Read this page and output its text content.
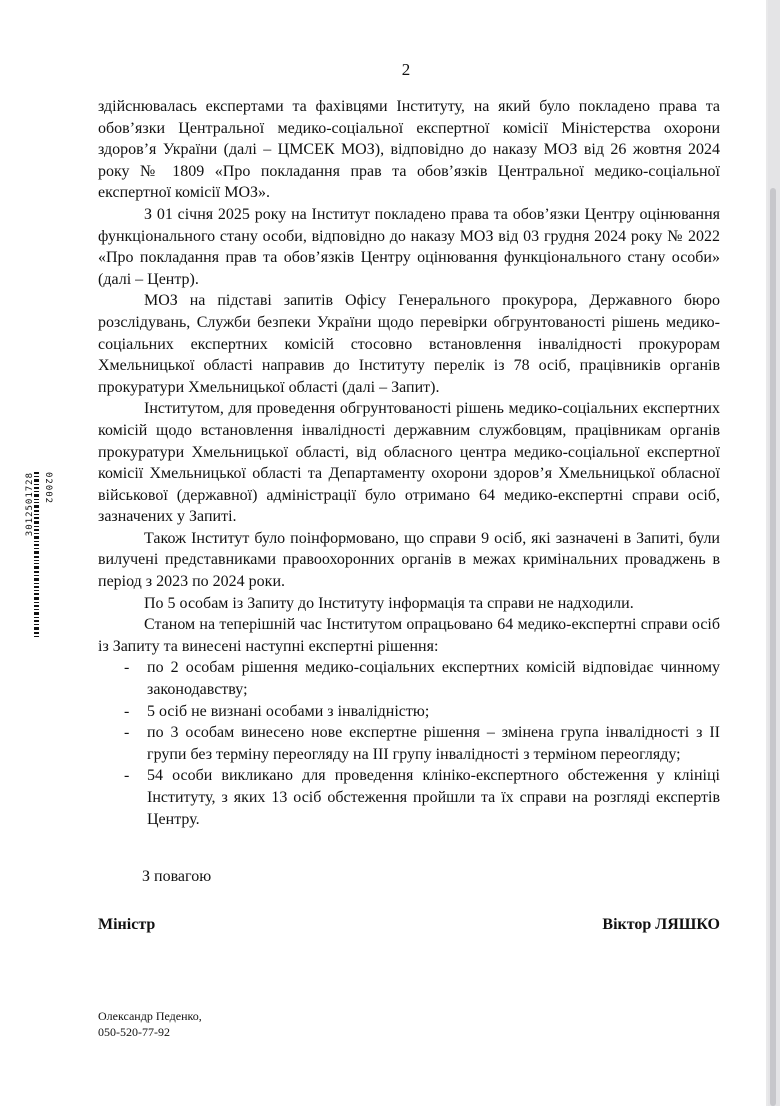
2

здійснювалась експертами та фахівцями Інституту, на який було покладено права та обов’язки Центральної медико-соціальної експертної комісії Міністерства охорони здоров’я України (далі – ЦМСЕК МОЗ), відповідно до наказу МОЗ від 26 жовтня 2024 року № 1809 «Про покладання прав та обов’язків Центральної медико-соціальної експертної комісії МОЗ».

З 01 січня 2025 року на Інститут покладено права та обов’язки Центру оцінювання функціонального стану особи, відповідно до наказу МОЗ від 03 грудня 2024 року № 2022 «Про покладання прав та обов’язків Центру оцінювання функціонального стану особи» (далі – Центр).

МОЗ на підставі запитів Офісу Генерального прокурора, Державного бюро розслідувань, Служби безпеки України щодо перевірки обгрунтованості рішень медико-соціальних експертних комісій стосовно встановлення інвалідності прокурорам Хмельницької області направив до Інституту перелік із 78 осіб, працівників органів прокуратури Хмельницької області (далі – Запит).

Інститутом, для проведення обгрунтованості рішень медико-соціальних експертних комісій щодо встановлення інвалідності державним службовцям, працівникам органів прокуратури Хмельницької області, від обласного центра медико-соціальної експертної комісії Хмельницької області та Департаменту охорони здоров’я Хмельницької обласної військової (державної) адміністрації було отримано 64 медико-експертні справи осіб, зазначених у Запиті.

Також Інститут було поінформовано, що справи 9 осіб, які зазначені в Запиті, були вилучені представниками правоохоронних органів в межах кримінальних проваджень в період з 2023 по 2024 роки.

По 5 особам із Запиту до Інституту інформація та справи не надходили.

Станом на теперішній час Інститутом опрацьовано 64 медико-експертні справи осіб із Запиту та винесені наступні експертні рішення:

- по 2 особам рішення медико-соціальних експертних комісій відповідає чинному законодавству;
- 5 осіб не визнані особами з інвалідністю;
- по 3 особам винесено нове експертне рішення – змінена група інвалідності з ІІ групи без терміну переогляду на ІІІ групу інвалідності з терміном переогляду;
- 54 особи викликано для проведення клініко-експертного обстеження у клініці Інституту, з яких 13 осіб обстеження пройшли та їх справи на розгляді експертів Центру.
З повагою
Міністр	Віктор ЛЯШКО
Олександр Педенко,
050-520-77-92
3012501728 02002
